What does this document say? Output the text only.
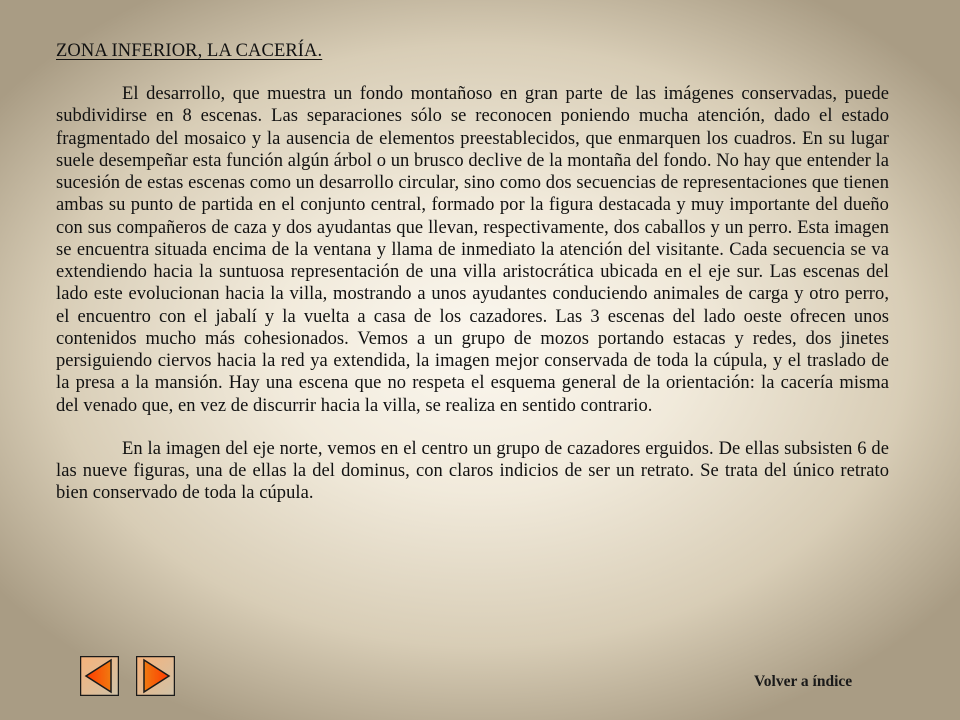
ZONA INFERIOR, LA CACERÍA.

El desarrollo, que muestra un fondo montañoso en gran parte de las imágenes conservadas, puede subdividirse en 8 escenas. Las separaciones sólo se reconocen poniendo mucha atención, dado el estado fragmentado del mosaico y la ausencia de elementos preestablecidos, que enmarquen los cuadros. En su lugar suele desempeñar esta función algún árbol o un brusco declive de la montaña del fondo. No hay que entender la sucesión de estas escenas como un desarrollo circular, sino como dos secuencias de representaciones que tienen ambas su punto de partida en el conjunto central, formado por la figura destacada y muy importante del dueño con sus compañeros de caza y dos ayudantas que llevan, respectivamente, dos caballos y un perro. Esta imagen se encuentra situada encima de la ventana y llama de inmediato la atención del visitante. Cada secuencia se va extendiendo hacia la suntuosa representación de una villa aristocrática ubicada en el eje sur. Las escenas del lado este evolucionan hacia la villa, mostrando a unos ayudantes conduciendo animales de carga y otro perro, el encuentro con el jabalí y la vuelta a casa de los cazadores. Las 3 escenas del lado oeste ofrecen unos contenidos mucho más cohesionados. Vemos a un grupo de mozos portando estacas y redes, dos jinetes persiguiendo ciervos hacia la red ya extendida, la imagen mejor conservada de toda la cúpula, y el traslado de la presa a la mansión. Hay una escena que no respeta el esquema general de la orientación: la cacería misma del venado que, en vez de discurrir hacia la villa, se realiza en sentido contrario.

En la imagen del eje norte, vemos en el centro un grupo de cazadores erguidos. De ellas subsisten 6 de las nueve figuras, una de ellas la del dominus, con claros indicios de ser un retrato. Se trata del único retrato bien conservado de toda la cúpula.

Volver a índice
